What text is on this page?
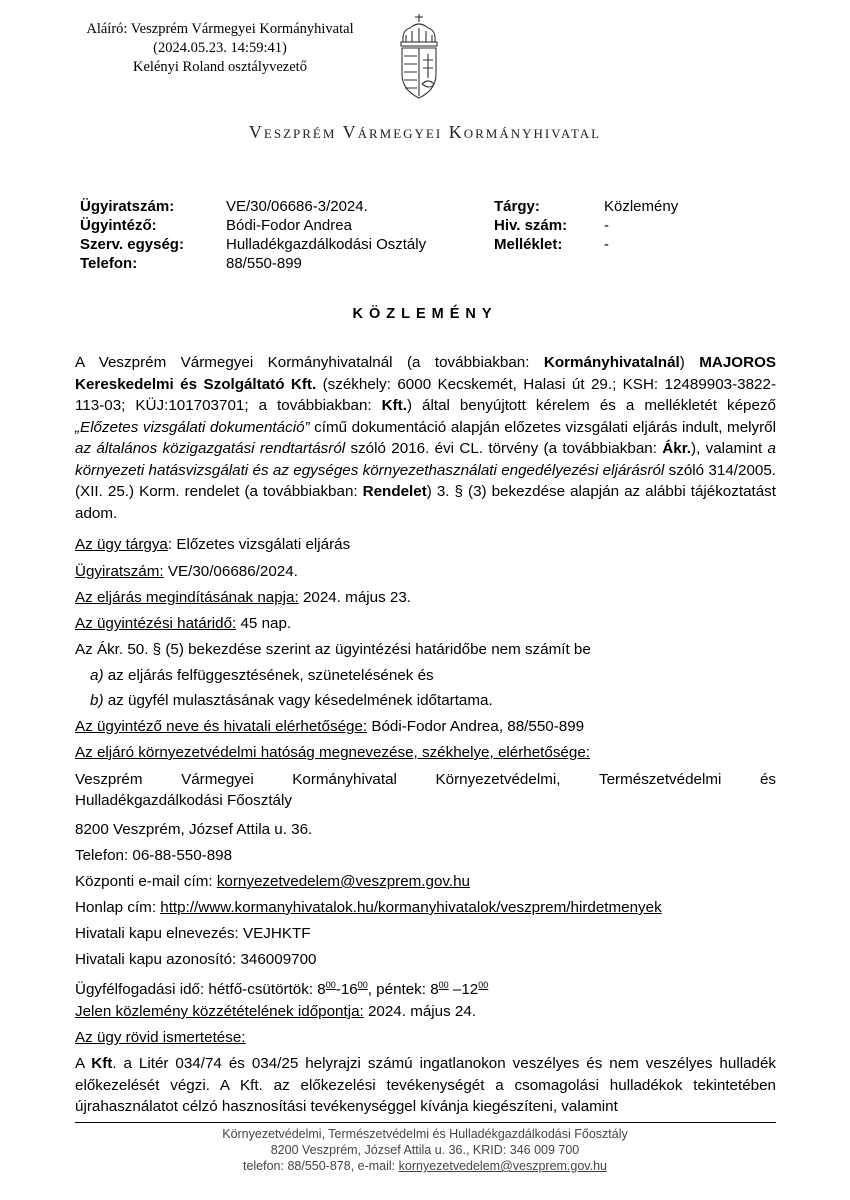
Aláíró: Veszprém Vármegyei Kormányhivatal
(2024.05.23. 14:59:41)
Kelényi Roland osztályvezető
Veszprém Vármegyei Kormányhivatal
Ügyiratszám:	VE/30/06686-3/2024.
Ügyintéző:	Bódi-Fodor Andrea
Szerv. egység:	Hulladékgazdálkodási Osztály
Telefon:	88/550-899
Tárgy:	Közlemény
Hiv. szám:	-
Melléklet:	-
KÖZLEMÉNY
A Veszprém Vármegyei Kormányhivatalnál (a továbbiakban: Kormányhivatalnál) MAJOROS Kereskedelmi és Szolgáltató Kft. (székhely: 6000 Kecskemét, Halasi út 29.; KSH: 12489903-3822-113-03; KÜJ:101703701; a továbbiakban: Kft.) által benyújtott kérelem és a mellékletét képező „Előzetes vizsgálati dokumentáció” című dokumentáció alapján előzetes vizsgálati eljárás indult, melyről az általános közigazgatási rendtartásról szóló 2016. évi CL. törvény (a továbbiakban: Ákr.), valamint a környezeti hatásvizsgálati és az egységes környezethasználati engedélyezési eljárásról szóló 314/2005. (XII. 25.) Korm. rendelet (a továbbiakban: Rendelet) 3. § (3) bekezdése alapján az alábbi tájékoztatást adom.
Az ügy tárgya: Előzetes vizsgálati eljárás
Ügyiratszám: VE/30/06686/2024.
Az eljárás megindításának napja: 2024. május 23.
Az ügyintézési határidő: 45 nap.
Az Ákr. 50. § (5) bekezdése szerint az ügyintézési határidőbe nem számít be
a) az eljárás felfüggesztésének, szünetelésének és
b) az ügyfél mulasztásának vagy késedelmének időtartama.
Az ügyintéző neve és hivatali elérhetősége: Bódi-Fodor Andrea, 88/550-899
Az eljáró környezetvédelmi hatóság megnevezése, székhelye, elérhetősége:
Veszprém	Vármegyei	Kormányhivatal	Környezetvédelmi,	Természetvédelmi	és
Hulladékgazdálkodási Főosztály
8200 Veszprém, József Attila u. 36.
Telefon: 06-88-550-898
Központi e-mail cím: kornyezetvedelem@veszprem.gov.hu
Honlap cím: http://www.kormanyhivatalok.hu/kormanyhivatalok/veszprem/hirdetmenyek
Hivatali kapu elnevezés: VEJHKTF
Hivatali kapu azonosító: 346009700
Ügyfélfogadási idő: hétfő-csütörtök: $8^{00}-16^{00}$, péntek: $8^{00}$ $-12^{00}$
Jelen közlemény közzétételének időpontja: 2024. május 24.
Az ügy rövid ismertetése:
A Kft. a Litér 034/74 és 034/25 helyrajzi számú ingatlanokon veszélyes és nem veszélyes hulladék előkezelését végzi. A Kft. az előkezelési tevékenységét a csomagolási hulladékok tekintetében újrahasználatot célzó hasznosítási tevékenységgel kívánja kiegészíteni, valamint
Környezetvédelmi, Természetvédelmi és Hulladékgazdálkodási Főosztály
8200 Veszprém, József Attila u. 36., KRID: 346 009 700
telefon: 88/550-878, e-mail: kornyezetvedelem@veszprem.gov.hu
